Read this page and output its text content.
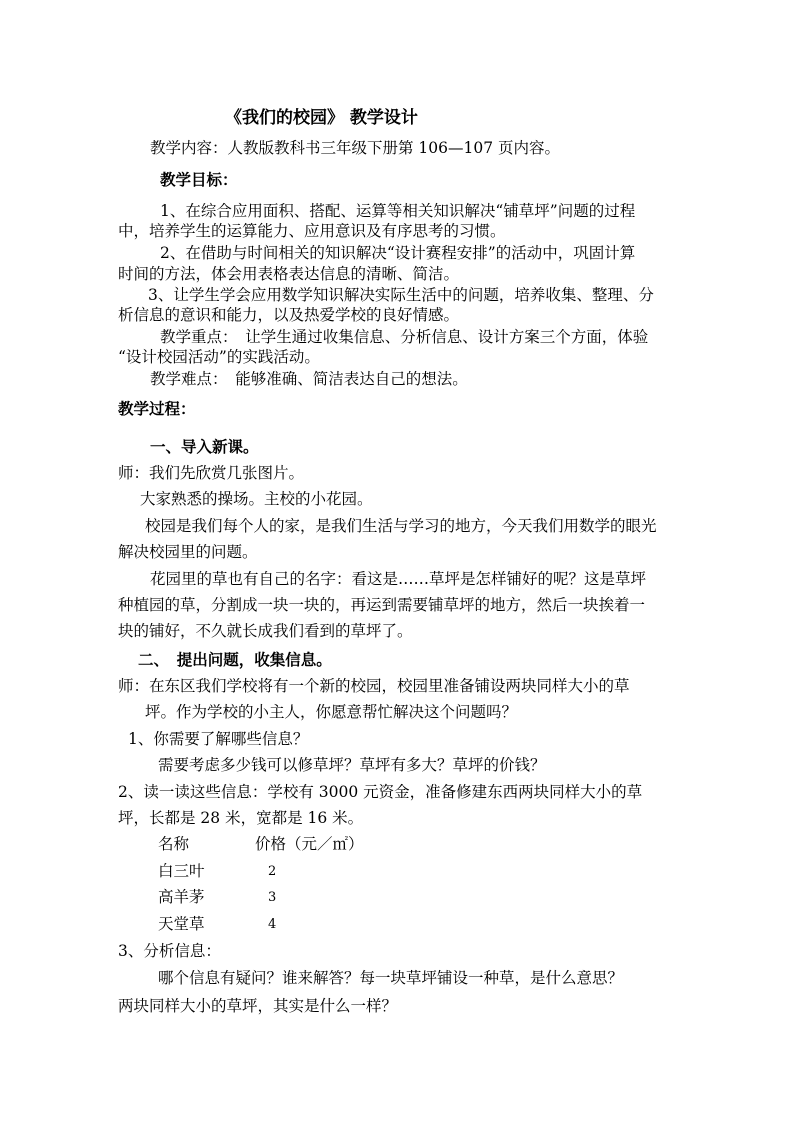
《我们的校园》 教学设计
教学内容：人教版教科书三年级下册第 106—107 页内容。
教学目标：
1、在综合应用面积、搭配、运算等相关知识解决“铺草坪”问题的过程
中，培养学生的运算能力、应用意识及有序思考的习惯。
2、在借助与时间相关的知识解决“设计赛程安排”的活动中，巩固计算
时间的方法，体会用表格表达信息的清晰、简洁。
3、让学生学会应用数学知识解决实际生活中的问题，培养收集、整理、分
析信息的意识和能力，以及热爱学校的良好情感。
教学重点：　让学生通过收集信息、分析信息、设计方案三个方面，体验
“设计校园活动”的实践活动。
教学难点：　能够准确、简洁表达自己的想法。
教学过程：
一、导入新课。
师：我们先欣赏几张图片。
大家熟悉的操场。主校的小花园。
校园是我们每个人的家，是我们生活与学习的地方，今天我们用数学的眼光
解决校园里的问题。
花园里的草也有自己的名字：看这是……草坪是怎样铺好的呢？这是草坪
种植园的草，分割成一块一块的，再运到需要铺草坪的地方，然后一块挨着一
块的铺好，不久就长成我们看到的草坪了。
二、　提出问题，收集信息。
师：在东区我们学校将有一个新的校园，校园里准备铺设两块同样大小的草
坪。作为学校的小主人，你愿意帮忙解决这个问题吗？
1、你需要了解哪些信息？
需要考虑多少钱可以修草坪？草坪有多大？草坪的价钱？
2、读一读这些信息：学校有 3000 元资金，准备修建东西两块同样大小的草
坪，长都是 28 米，宽都是 16 米。
名称	价格（元／㎡）
白三叶	2
高羊茅	3
天堂草	4
3、分析信息：
哪个信息有疑问？谁来解答？每一块草坪铺设一种草，是什么意思？
两块同样大小的草坪，其实是什么一样？
